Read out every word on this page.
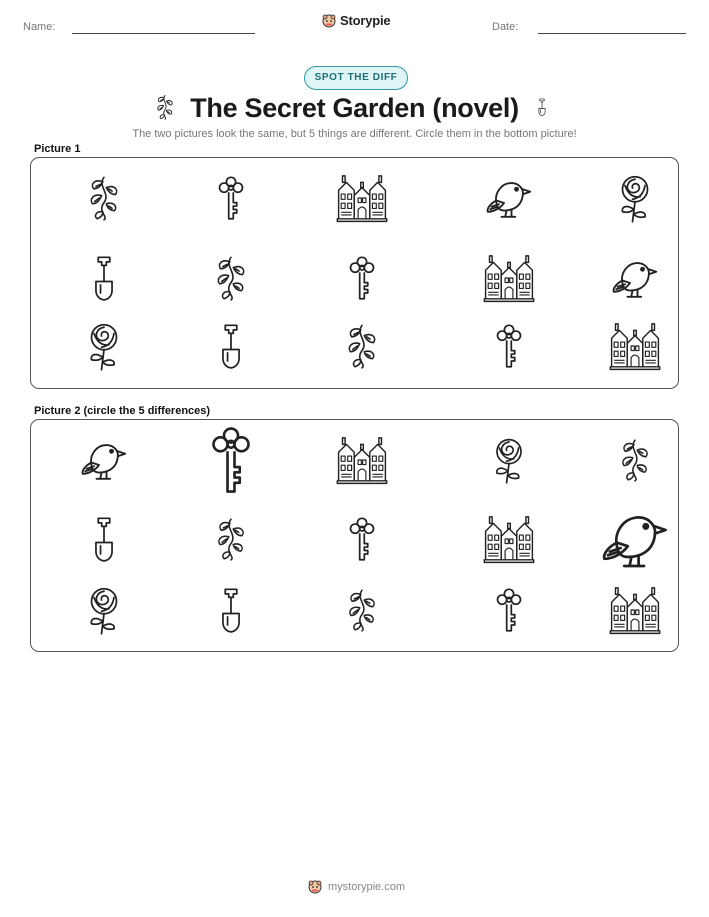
Name:	Storypie	Date:
SPOT THE DIFF
The Secret Garden (novel)
The two pictures look the same, but 5 things are different. Circle them in the bottom picture!
Picture 1
Picture 2 (circle the 5 differences)
mystorypie.com
